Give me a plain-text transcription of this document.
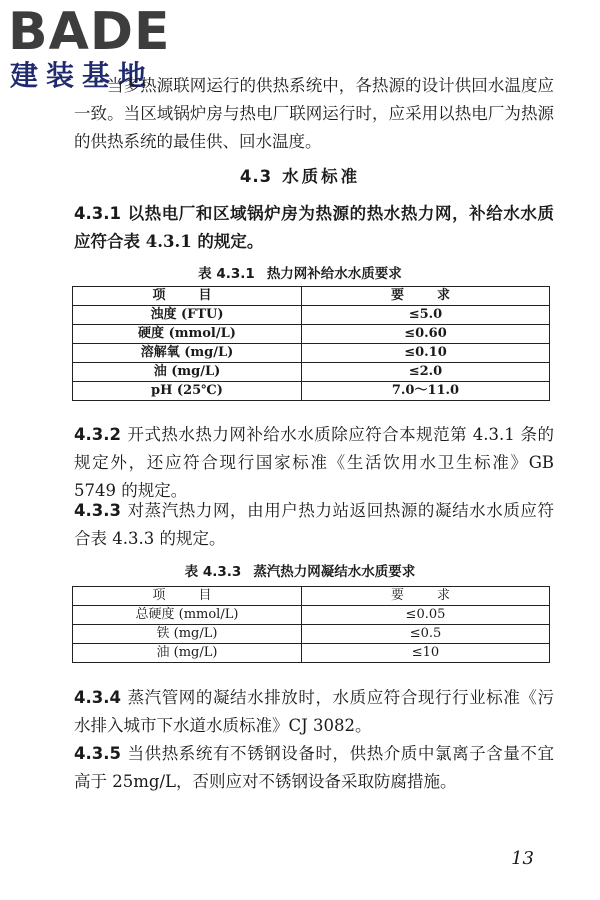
BADE
建装基地

当多热源联网运行的供热系统中，各热源的设计供回水温度应一致。当区域锅炉房与热电厂联网运行时，应采用以热电厂为热源的供热系统的最佳供、回水温度。

4.3 水质标准

4.3.1 以热电厂和区域锅炉房为热源的热水热力网，补给水水质应符合表 4.3.1 的规定。

表 4.3.1 热力网补给水水质要求
项　目	要　求
浊度 (FTU)	≤5.0
硬度 (mmol/L)	≤0.60
溶解氧 (mg/L)	≤0.10
油 (mg/L)	≤2.0
pH (25℃)	7.0～11.0

4.3.2 开式热水热力网补给水水质除应符合本规范第 4.3.1 条的规定外，还应符合现行国家标准《生活饮用水卫生标准》GB 5749 的规定。

4.3.3 对蒸汽热力网，由用户热力站返回热源的凝结水水质应符合表 4.3.3 的规定。

表 4.3.3 蒸汽热力网凝结水水质要求
项　目	要　求
总硬度 (mmol/L)	≤0.05
铁 (mg/L)	≤0.5
油 (mg/L)	≤10

4.3.4 蒸汽管网的凝结水排放时，水质应符合现行行业标准《污水排入城市下水道水质标准》CJ 3082。

4.3.5 当供热系统有不锈钢设备时，供热介质中氯离子含量不宜高于 25mg/L，否则应对不锈钢设备采取防腐措施。

13
